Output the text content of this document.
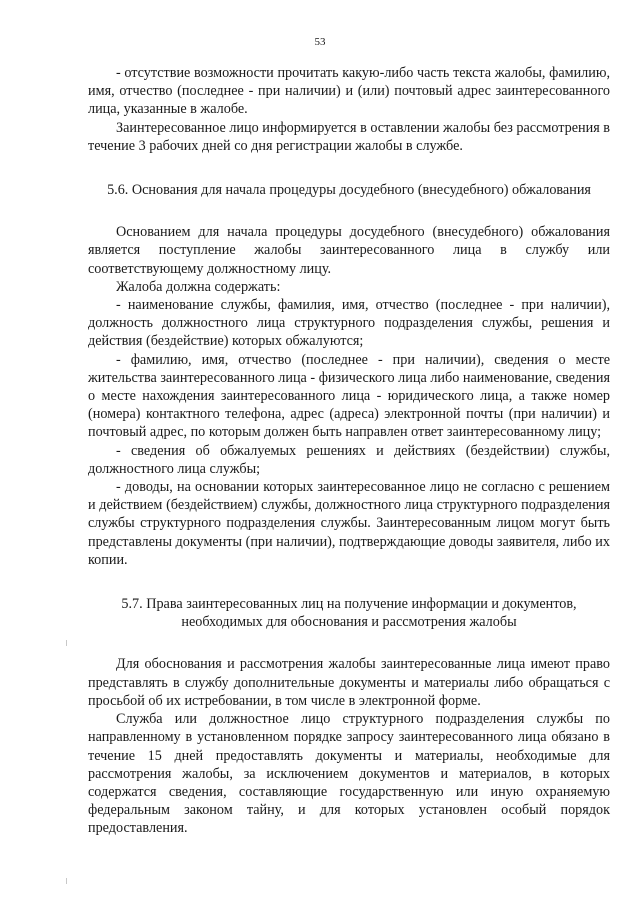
53

- отсутствие возможности прочитать какую-либо часть текста жалобы, фамилию, имя, отчество (последнее - при наличии) и (или) почтовый адрес заинтересованного лица, указанные в жалобе.

Заинтересованное лицо информируется в оставлении жалобы без рассмотрения в течение 3 рабочих дней со дня регистрации жалобы в службе.

5.6. Основания для начала процедуры досудебного (внесудебного) обжалования

Основанием для начала процедуры досудебного (внесудебного) обжалования является поступление жалобы заинтересованного лица в службу или соответствующему должностному лицу.

Жалоба должна содержать:

- наименование службы, фамилия, имя, отчество (последнее - при наличии), должность должностного лица структурного подразделения службы, решения и действия (бездействие) которых обжалуются;

- фамилию, имя, отчество (последнее - при наличии), сведения о месте жительства заинтересованного лица - физического лица либо наименование, сведения о месте нахождения заинтересованного лица - юридического лица, а также номер (номера) контактного телефона, адрес (адреса) электронной почты (при наличии) и почтовый адрес, по которым должен быть направлен ответ заинтересованному лицу;

- сведения об обжалуемых решениях и действиях (бездействии) службы, должностного лица службы;

- доводы, на основании которых заинтересованное лицо не согласно с решением и действием (бездействием) службы, должностного лица структурного подразделения службы структурного подразделения службы. Заинтересованным лицом могут быть представлены документы (при наличии), подтверждающие доводы заявителя, либо их копии.

5.7. Права заинтересованных лиц на получение информации и документов, необходимых для обоснования и рассмотрения жалобы

Для обоснования и рассмотрения жалобы заинтересованные лица имеют право представлять в службу дополнительные документы и материалы либо обращаться с просьбой об их истребовании, в том числе в электронной форме.

Служба или должностное лицо структурного подразделения службы по направленному в установленном порядке запросу заинтересованного лица обязано в течение 15 дней предоставлять документы и материалы, необходимые для рассмотрения жалобы, за исключением документов и материалов, в которых содержатся сведения, составляющие государственную или иную охраняемую федеральным законом тайну, и для которых установлен особый порядок предоставления.
